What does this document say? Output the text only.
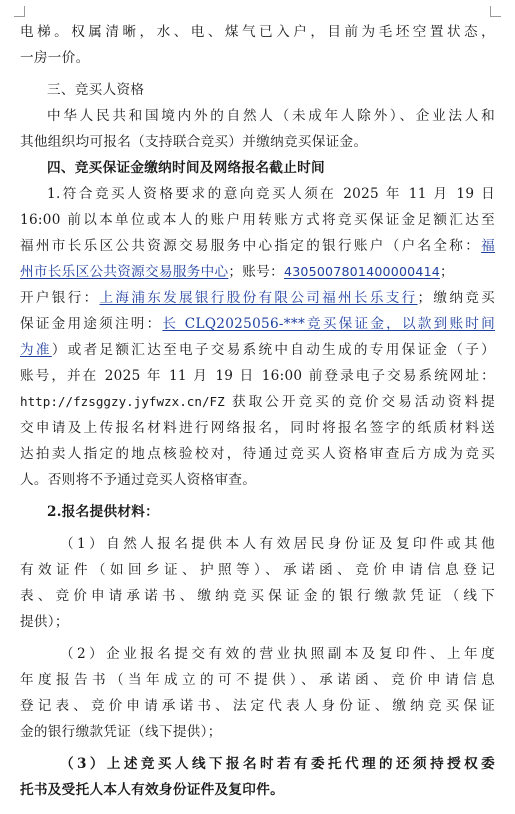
电梯。权属清晰，水、电、煤气已入户，目前为毛坯空置状态，
一房一价。
三、竞买人资格
中华人民共和国境内外的自然人（未成年人除外）、企业法人和
其他组织均可报名（支持联合竞买）并缴纳竞买保证金。
四、竞买保证金缴纳时间及网络报名截止时间
1.符合竞买人资格要求的意向竞买人须在 2025 年 11 月 19 日
16:00 前以本单位或本人的账户用转账方式将竞买保证金足额汇达至
福州市长乐区公共资源交易服务中心指定的银行账户（户名全称：福
州市长乐区公共资源交易服务中心；账号：4305007801400000414；
开户银行：上海浦东发展银行股份有限公司福州长乐支行；缴纳竞买
保证金用途须注明：长 CLQ2025056-***竞买保证金，以款到账时间
为准）或者足额汇达至电子交易系统中自动生成的专用保证金（子）
账号，并在 2025 年 11 月 19 日 16:00 前登录电子交易系统网址：
http://fzsggzy.jyfwzx.cn/FZ 获取公开竞买的竞价交易活动资料提
交申请及上传报名材料进行网络报名，同时将报名签字的纸质材料送
达拍卖人指定的地点核验校对，待通过竞买人资格审查后方成为竞买
人。否则将不予通过竞买人资格审查。
2.报名提供材料：
（1）自然人报名提供本人有效居民身份证及复印件或其他
有效证件（如回乡证、护照等）、承诺函、竞价申请信息登记
表、竞价申请承诺书、缴纳竞买保证金的银行缴款凭证（线下
提供）；
（2）企业报名提交有效的营业执照副本及复印件、上年度
年度报告书（当年成立的可不提供）、承诺函、竞价申请信息
登记表、竞价申请承诺书、法定代表人身份证、缴纳竞买保证
金的银行缴款凭证（线下提供）；
（3）上述竞买人线下报名时若有委托代理的还须持授权委
托书及受托人本人有效身份证件及复印件。
